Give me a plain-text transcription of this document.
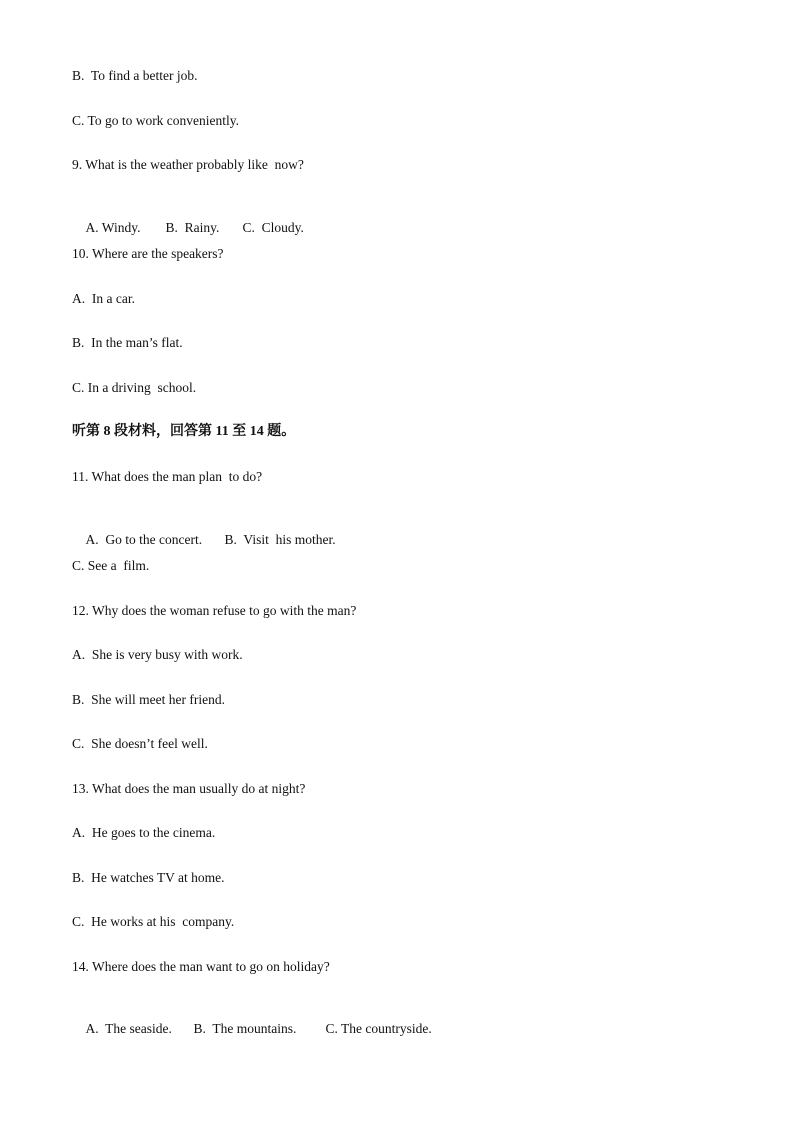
B.  To find a better job.
C. To go to work conveniently.
9. What is the weather probably like  now?

A. Windy. B.  Rainy. C.  Cloudy.

10. Where are the speakers?
A.  In a car.
B.  In the man’s flat.
C. In a driving  school.
听第 8 段材料，回答第 11 至 14 题。
11. What does the man plan  to do?

A.  Go to the concert. B.  Visit  his mother.

C. See a  film.
12. Why does the woman refuse to go with the man?
A.  She is very busy with work.
B.  She will meet her friend.
C.  She doesn’t feel well.
13. What does the man usually do at night?
A.  He goes to the cinema.
B.  He watches TV at home.
C.  He works at his  company.
14. Where does the man want to go on holiday?

A.  The seaside. B.  The mountains. C. The countryside.
